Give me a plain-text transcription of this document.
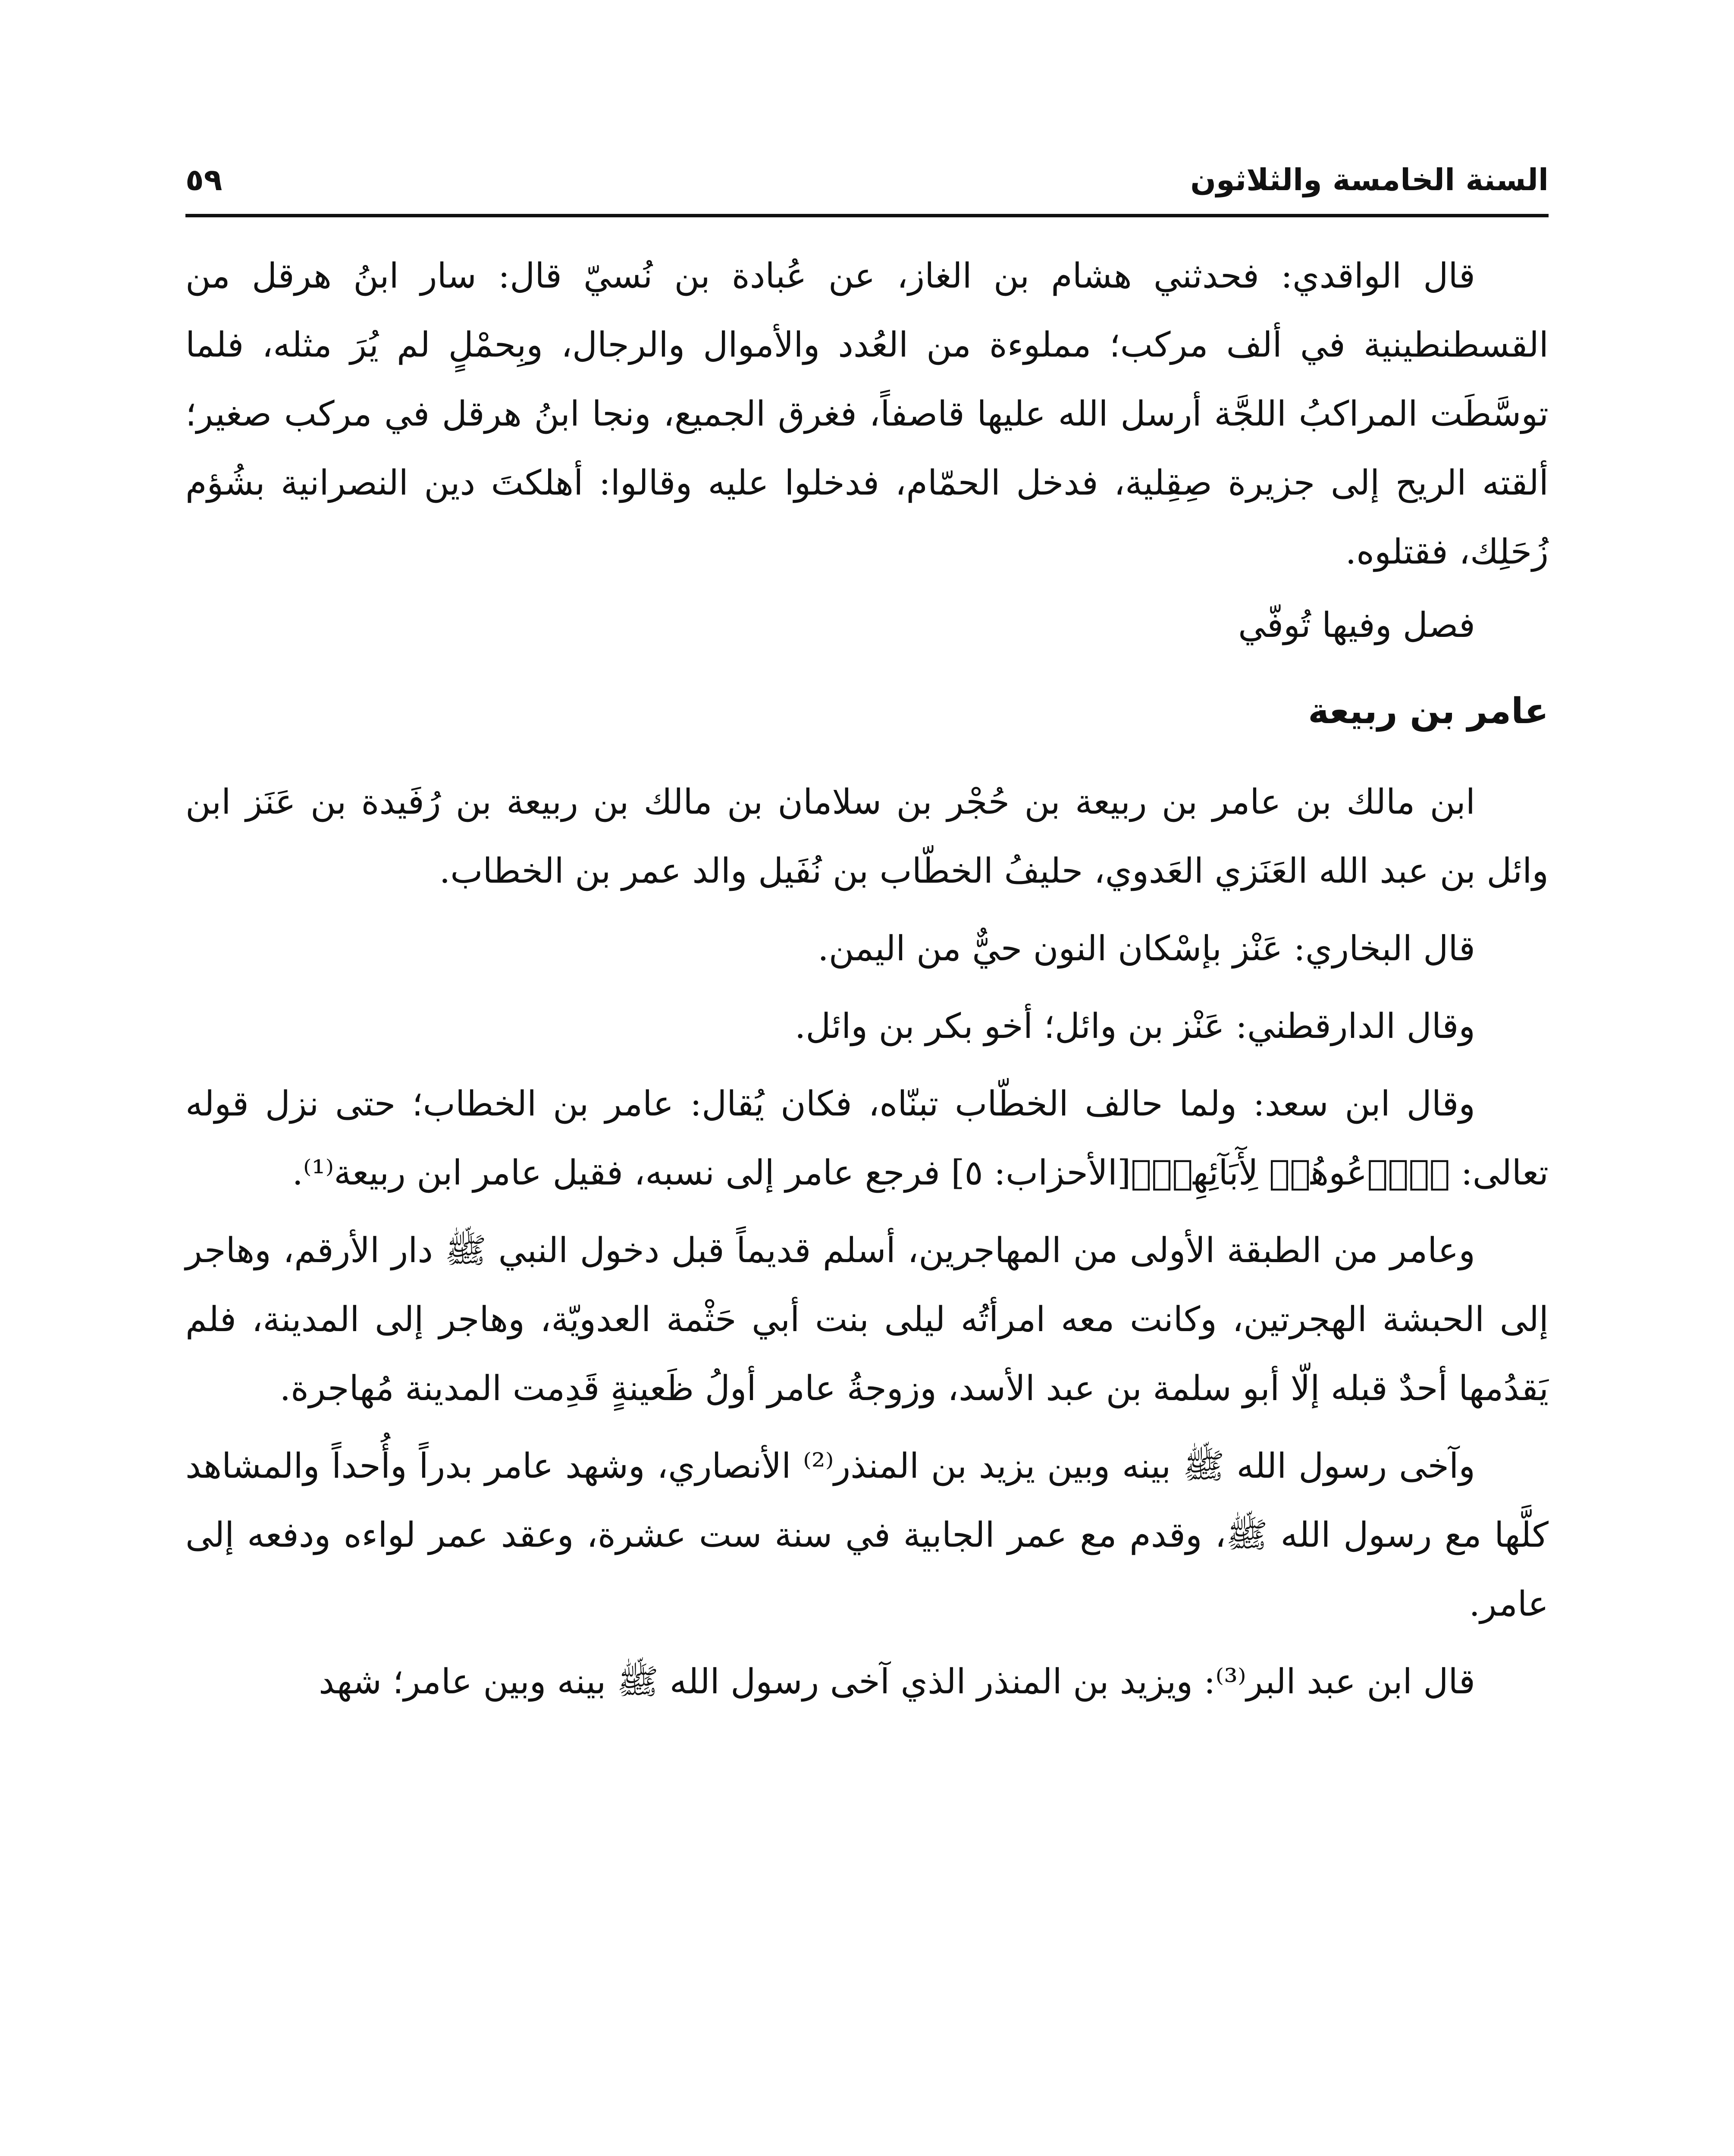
السنة الخامسة والثلاثون
٥٩

قال الواقدي: فحدثني هشام بن الغاز، عن عُبادة بن نُسيّ قال: سار ابنُ هرقل من القسطنطينية في ألف مركب؛ مملوءة من العُدد والأموال والرجال، وبِحمْلٍ لم يُرَ مثله، فلما توسَّطَت المراكبُ اللجَّة أرسل الله عليها قاصفاً، فغرق الجميع، ونجا ابنُ هرقل في مركب صغير؛ ألقته الريح إلى جزيرة صِقِلية، فدخل الحمّام، فدخلوا عليه وقالوا: أهلكتَ دين النصرانية بشُؤم زُحَلِك، فقتلوه.

فصل وفيها تُوفّي

عامر بن ربيعة

ابن مالك بن عامر بن ربيعة بن حُجْر بن سلامان بن مالك بن ربيعة بن رُفَيدة بن عَنَز ابن وائل بن عبد الله العَنَزي العَدوي، حليفُ الخطّاب بن نُفَيل والد عمر بن الخطاب.

قال البخاري: عَنْز بإسْكان النون حيٌّ من اليمن.

وقال الدارقطني: عَنْز بن وائل؛ أخو بكر بن وائل.

وقال ابن سعد: ولما حالف الخطّاب تبنّاه، فكان يُقال: عامر بن الخطاب؛ حتى نزل قوله تعالى: ﴿ٱدۡعُوهُمۡ لِأٓبَآئِهِمۡ﴾[الأحزاب: ٥] فرجع عامر إلى نسبه، فقيل عامر ابن ربيعة⁽¹⁾.

وعامر من الطبقة الأولى من المهاجرين، أسلم قديماً قبل دخول النبي ﷺ دار الأرقم، وهاجر إلى الحبشة الهجرتين، وكانت معه امرأتُه ليلى بنت أبي حَثْمة العدويّة، وهاجر إلى المدينة، فلم يَقدُمها أحدٌ قبله إلّا أبو سلمة بن عبد الأسد، وزوجةُ عامر أولُ ظَعينةٍ قَدِمت المدينة مُهاجرة.

وآخى رسول الله ﷺ بينه وبين يزيد بن المنذر⁽²⁾ الأنصاري، وشهد عامر بدراً وأُحداً والمشاهد كلَّها مع رسول الله ﷺ، وقدم مع عمر الجابية في سنة ست عشرة، وعقد عمر لواءه ودفعه إلى عامر.

قال ابن عبد البر⁽³⁾: ويزيد بن المنذر الذي آخى رسول الله ﷺ بينه وبين عامر؛ شهد
